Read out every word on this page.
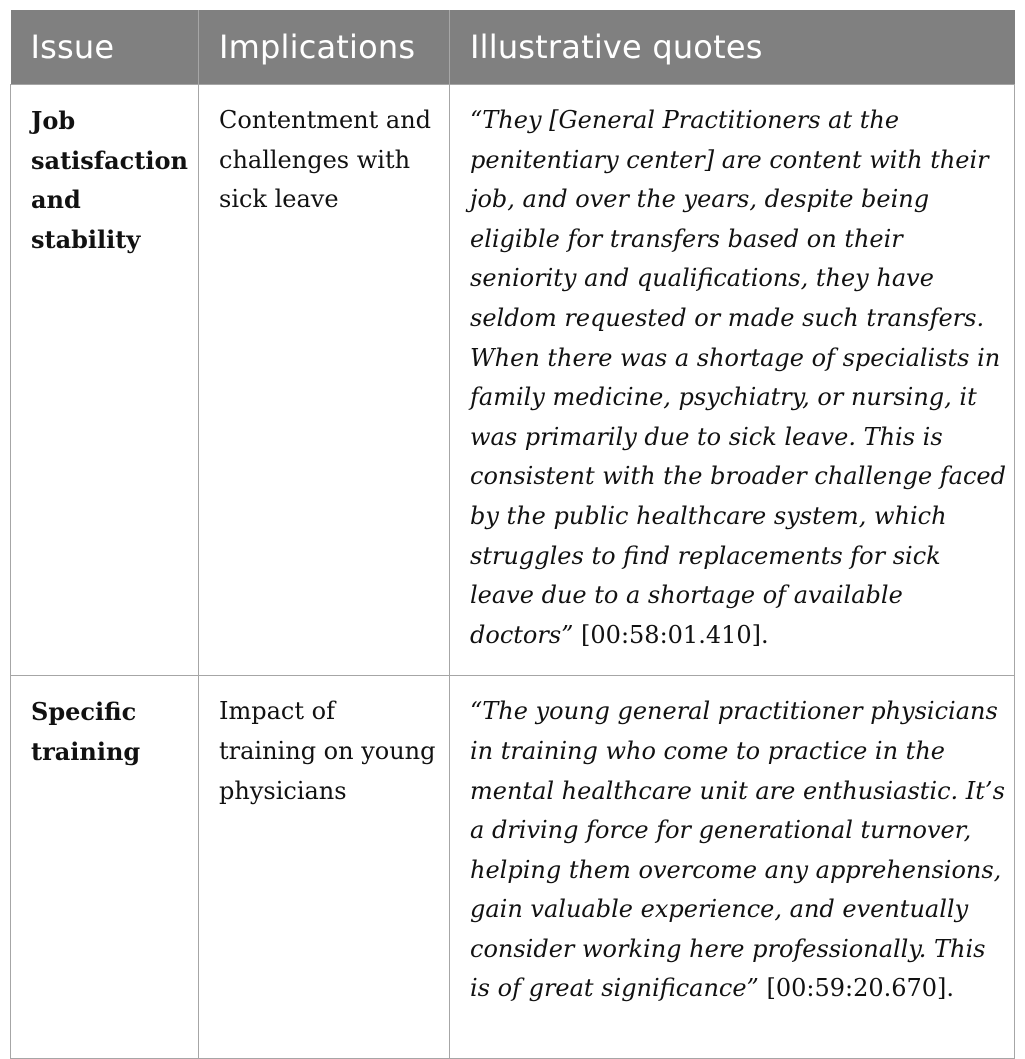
Issue	Implications	Illustrative quotes
Job satisfaction and stability	Contentment and challenges with sick leave	“They [General Practitioners at the penitentiary center] are content with their job, and over the years, despite being eligible for transfers based on their seniority and qualifications, they have seldom requested or made such transfers. When there was a shortage of specialists in family medicine, psychiatry, or nursing, it was primarily due to sick leave. This is consistent with the broader challenge faced by the public healthcare system, which struggles to find replacements for sick leave due to a shortage of available doctors” [00:58:01.410].
Specific training	Impact of training on young physicians	“The young general practitioner physicians in training who come to practice in the mental healthcare unit are enthusiastic. It’s a driving force for generational turnover, helping them overcome any apprehensions, gain valuable experience, and eventually consider working here professionally. This is of great significance” [00:59:20.670].
